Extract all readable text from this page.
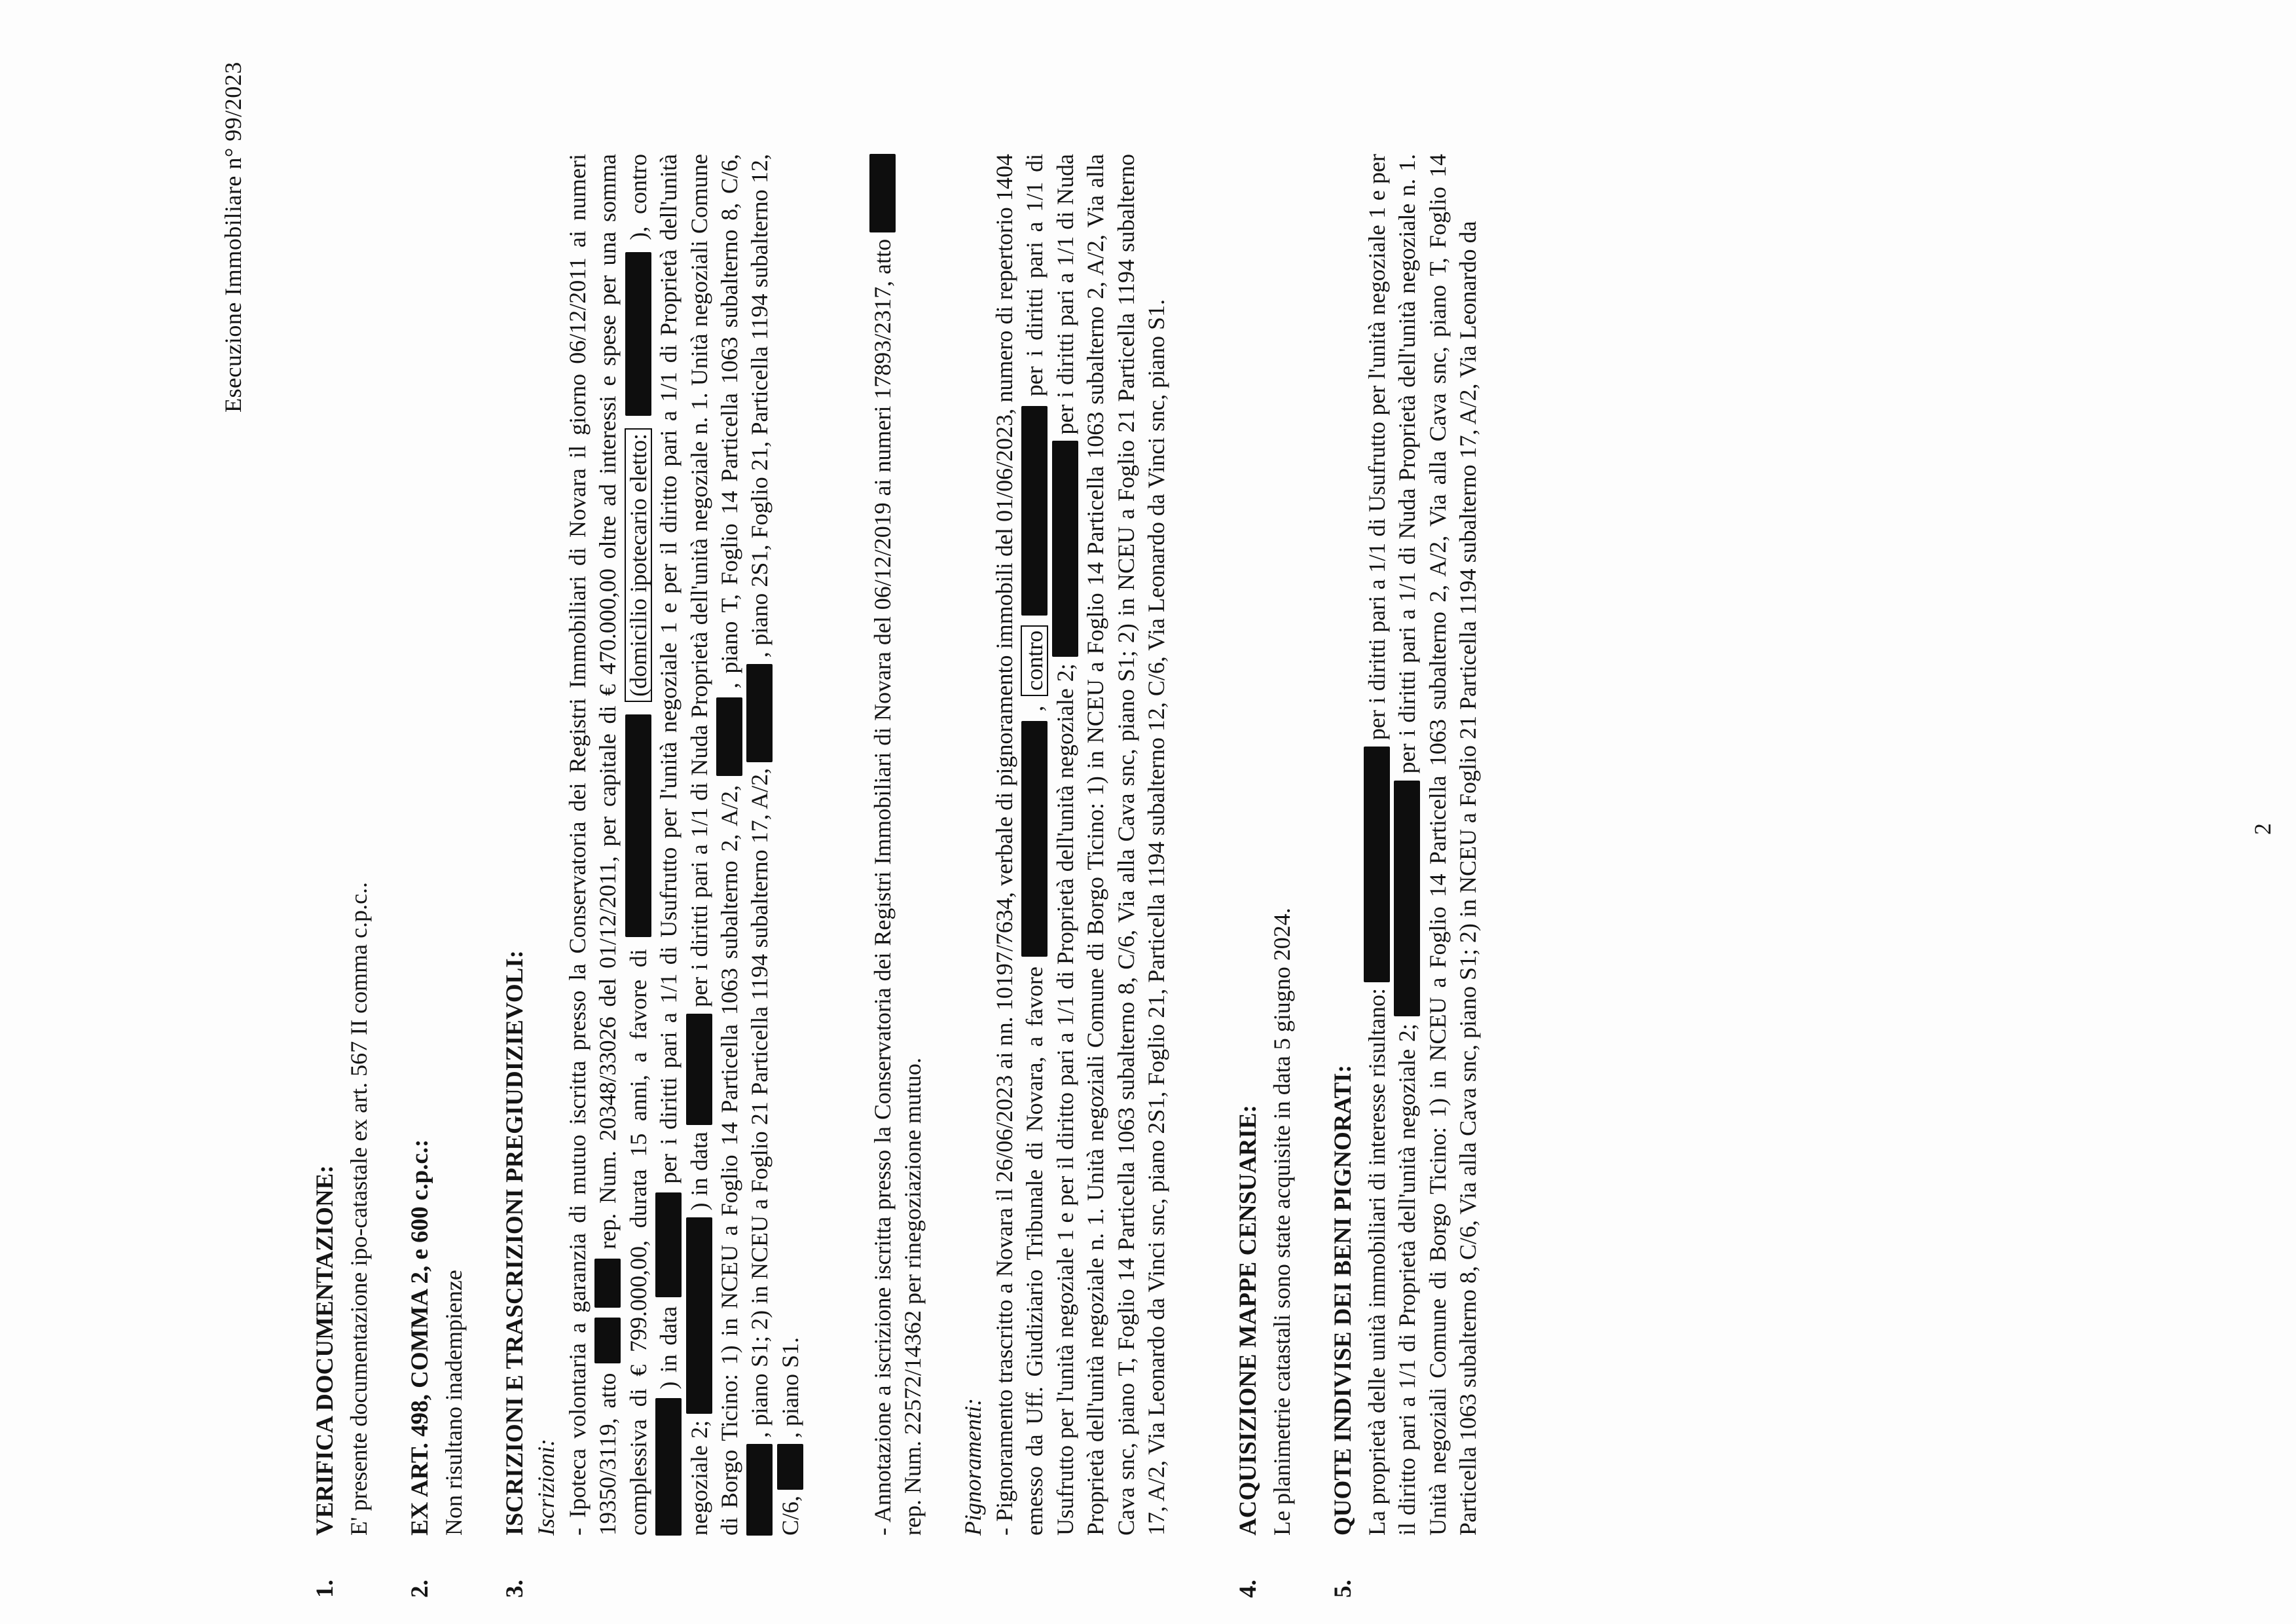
Esecuzione Immobiliare n° 99/2023
1.
VERIFICA DOCUMENTAZIONE: E' presente documentazione ipo-catastale ex art. 567 II comma c.p.c..

2.
EX ART. 498, COMMA 2, e 600 c.p.c.: Non risultano inadempienze

3.
ISCRIZIONI E TRASCRIZIONI PREGIUDIZIEVOLI: Iscrizioni: - Ipoteca volontaria a garanzia di mutuo iscritta presso la Conservatoria dei Registri Immobiliari di Novara il giorno 06/12/2011 ai numeri 19350/3119, atto   rep. Num. 20348/33026 del 01/12/2011, per capitale di € 470.000,00 oltre ad interessi e spese per una somma complessiva di € 799.000,00, durata 15 anni, a favore di  (domicilio ipotecario eletto:  ), contro  ) in data  per i diritti pari a 1/1 di Usufrutto per l'unità negoziale 1 e per il diritto pari a 1/1 di Proprietà dell'unità negoziale 2;  ) in data  per i diritti pari a 1/1 di Nuda Proprietà dell'unità negoziale n. 1. Unità negoziali Comune di Borgo Ticino: 1) in NCEU a Foglio 14 Particella 1063 subalterno 2, A/2,  , piano T, Foglio 14 Particella 1063 subalterno 8, C/6,  , piano S1; 2) in NCEU a Foglio 21 Particella 1194 subalterno 17, A/2,  , piano 2S1, Foglio 21, Particella 1194 subalterno 12, C/6,  , piano S1.	- Annotazione a iscrizione iscritta presso la Conservatoria dei Registri Immobiliari di Novara del 06/12/2019 ai numeri 17893/2317, atto rep. Num. 22572/14362 per rinegoziazione mutuo. Pignoramenti: - Pignoramento trascritto a Novara il 26/06/2023 ai nn. 10197/7634, verbale di pignoramento immobili del 01/06/2023, numero di repertorio 1404 emesso da Uff. Giudiziario Tribunale di Novara, a favore  , contro  per i diritti pari a 1/1 di Usufrutto per l'unità negoziale 1 e per il diritto pari a 1/1 di Proprietà dell'unità negoziale 2;  per i diritti pari a 1/1 di Nuda Proprietà dell'unità negoziale n. 1. Unità negoziali Comune di Borgo Ticino: 1) in NCEU a Foglio 14 Particella 1063 subalterno 2, A/2, Via alla Cava snc, piano T, Foglio 14 Particella 1063 subalterno 8, C/6, Via alla Cava snc, piano S1; 2) in NCEU a Foglio 21 Particella 1194 subalterno 17, A/2, Via Leonardo da Vinci snc, piano 2S1, Foglio 21, Particella 1194 subalterno 12, C/6, Via Leonardo da Vinci snc, piano S1.

4.
ACQUISIZIONE MAPPE CENSUARIE: Le planimetrie catastali sono state acquisite in data 5 giugno 2024.

5.
QUOTE INDIVISE DEI BENI PIGNORATI: La proprietà delle unità immobiliari di interesse risultano:  per i diritti pari a 1/1 di Usufrutto per l'unità negoziale 1 e per il diritto pari a 1/1 di Proprietà dell'unità negoziale 2;  per i diritti pari a 1/1 di Nuda Proprietà dell'unità negoziale n. 1. Unità negoziali Comune di Borgo Ticino: 1) in NCEU a Foglio 14 Particella 1063 subalterno 2, A/2, Via alla Cava snc, piano T, Foglio 14 Particella 1063 subalterno 8, C/6, Via alla Cava snc, piano S1; 2) in NCEU a Foglio 21 Particella 1194 subalterno 17, A/2, Via Leonardo da	2
